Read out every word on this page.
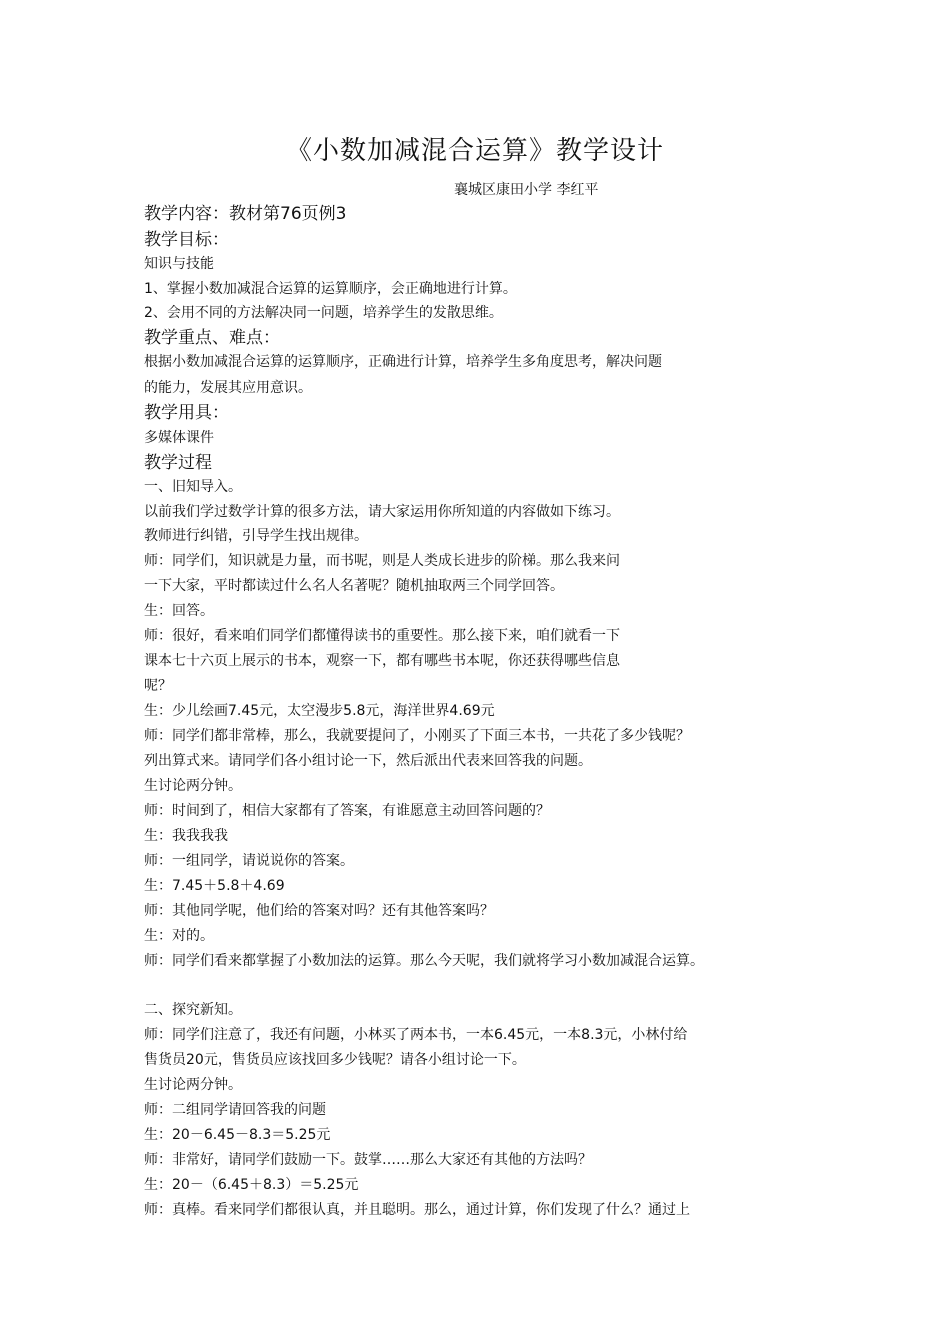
《小数加减混合运算》教学设计
襄城区康田小学 李红平
教学内容：教材第76页例3
教学目标：
知识与技能
1、掌握小数加减混合运算的运算顺序，会正确地进行计算。
2、会用不同的方法解决同一问题，培养学生的发散思维。
教学重点、难点：
根据小数加减混合运算的运算顺序，正确进行计算，培养学生多角度思考，解决问题
的能力，发展其应用意识。
教学用具：
多媒体课件
教学过程
一、旧知导入。
以前我们学过数学计算的很多方法，请大家运用你所知道的内容做如下练习。
教师进行纠错，引导学生找出规律。
师：同学们，知识就是力量，而书呢，则是人类成长进步的阶梯。那么我来问
一下大家，平时都读过什么名人名著呢？随机抽取两三个同学回答。
生：回答。
师：很好，看来咱们同学们都懂得读书的重要性。那么接下来，咱们就看一下
课本七十六页上展示的书本，观察一下，都有哪些书本呢，你还获得哪些信息
呢？
生：少儿绘画7.45元，太空漫步5.8元，海洋世界4.69元
师：同学们都非常棒，那么，我就要提问了，小刚买了下面三本书，一共花了多少钱呢？
列出算式来。请同学们各小组讨论一下，然后派出代表来回答我的问题。
生讨论两分钟。
师：时间到了，相信大家都有了答案，有谁愿意主动回答问题的？
生：我我我我
师：一组同学，请说说你的答案。
生：7.45＋5.8＋4.69
师：其他同学呢，他们给的答案对吗？还有其他答案吗？
生：对的。
师：同学们看来都掌握了小数加法的运算。那么今天呢，我们就将学习小数加减混合运算。
二、探究新知。
师：同学们注意了，我还有问题，小林买了两本书，一本6.45元，一本8.3元，小林付给
售货员20元，售货员应该找回多少钱呢？请各小组讨论一下。
生讨论两分钟。
师：二组同学请回答我的问题
生：20－6.45－8.3＝5.25元
师：非常好，请同学们鼓励一下。鼓掌……那么大家还有其他的方法吗？
生：20－（6.45＋8.3）＝5.25元
师：真棒。看来同学们都很认真，并且聪明。那么，通过计算，你们发现了什么？通过上
